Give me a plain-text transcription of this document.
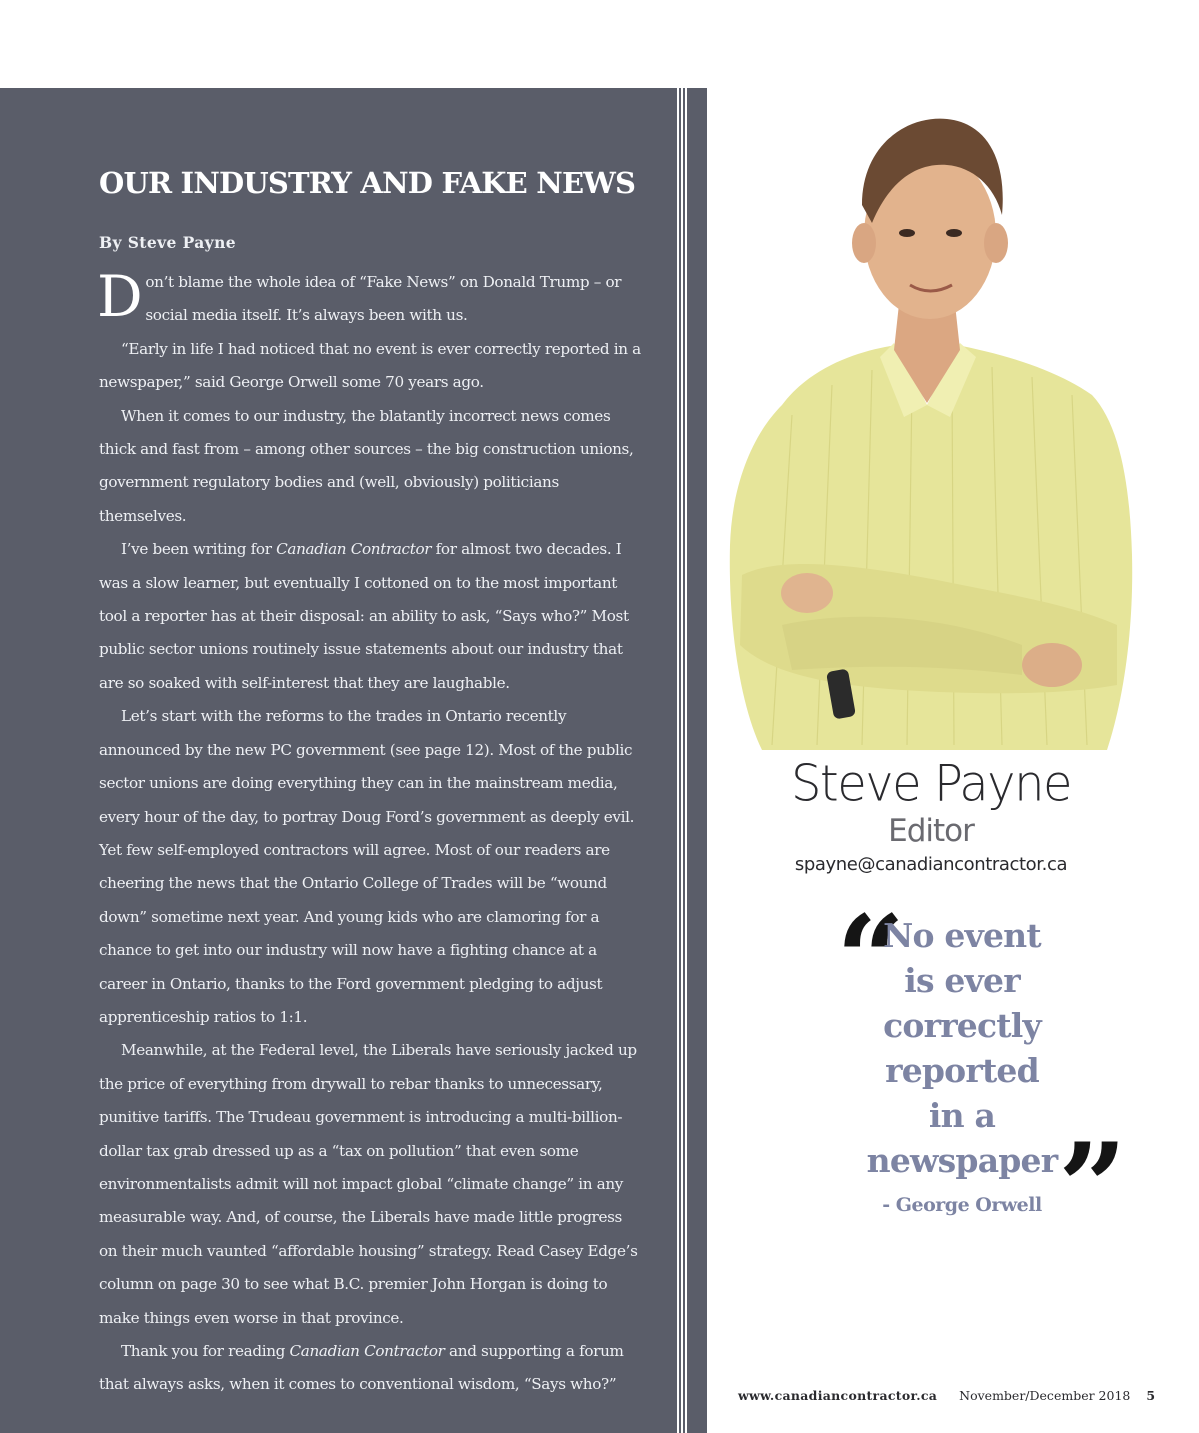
OUR INDUSTRY AND FAKE NEWS

By Steve Payne

Don’t blame the whole idea of “Fake News” on Donald Trump – or social media itself. It’s always been with us.

“Early in life I had noticed that no event is ever correctly reported in a newspaper,” said George Orwell some 70 years ago.

When it comes to our industry, the blatantly incorrect news comes thick and fast from – among other sources – the big construction unions, government regulatory bodies and (well, obviously) politicians themselves.

I’ve been writing for Canadian Contractor for almost two decades. I was a slow learner, but eventually I cottoned on to the most important tool a reporter has at their disposal: an ability to ask, “Says who?” Most public sector unions routinely issue statements about our industry that are so soaked with self-interest that they are laughable.

Let’s start with the reforms to the trades in Ontario recently announced by the new PC government (see page 12). Most of the public sector unions are doing everything they can in the mainstream media, every hour of the day, to portray Doug Ford’s government as deeply evil. Yet few self-employed contractors will agree. Most of our readers are cheering the news that the Ontario College of Trades will be “wound down” sometime next year. And young kids who are clamoring for a chance to get into our industry will now have a fighting chance at a career in Ontario, thanks to the Ford government pledging to adjust apprenticeship ratios to 1:1.

Meanwhile, at the Federal level, the Liberals have seriously jacked up the price of everything from drywall to rebar thanks to unnecessary, punitive tariffs. The Trudeau government is introducing a multi-billion-dollar tax grab dressed up as a “tax on pollution” that even some environmentalists admit will not impact global “climate change” in any measurable way. And, of course, the Liberals have made little progress on their much vaunted “affordable housing” strategy. Read Casey Edge’s column on page 30 to see what B.C. premier John Horgan is doing to make things even worse in that province.

Thank you for reading Canadian Contractor and supporting a forum that always asks, when it comes to conventional wisdom, “Says who?”

Steve Payne

Editor

spayne@canadiancontractor.ca

“
No event
is ever
correctly
reported
in a
newspaper ”
- George Orwell
www.canadiancontractor.ca November/December 2018 5
